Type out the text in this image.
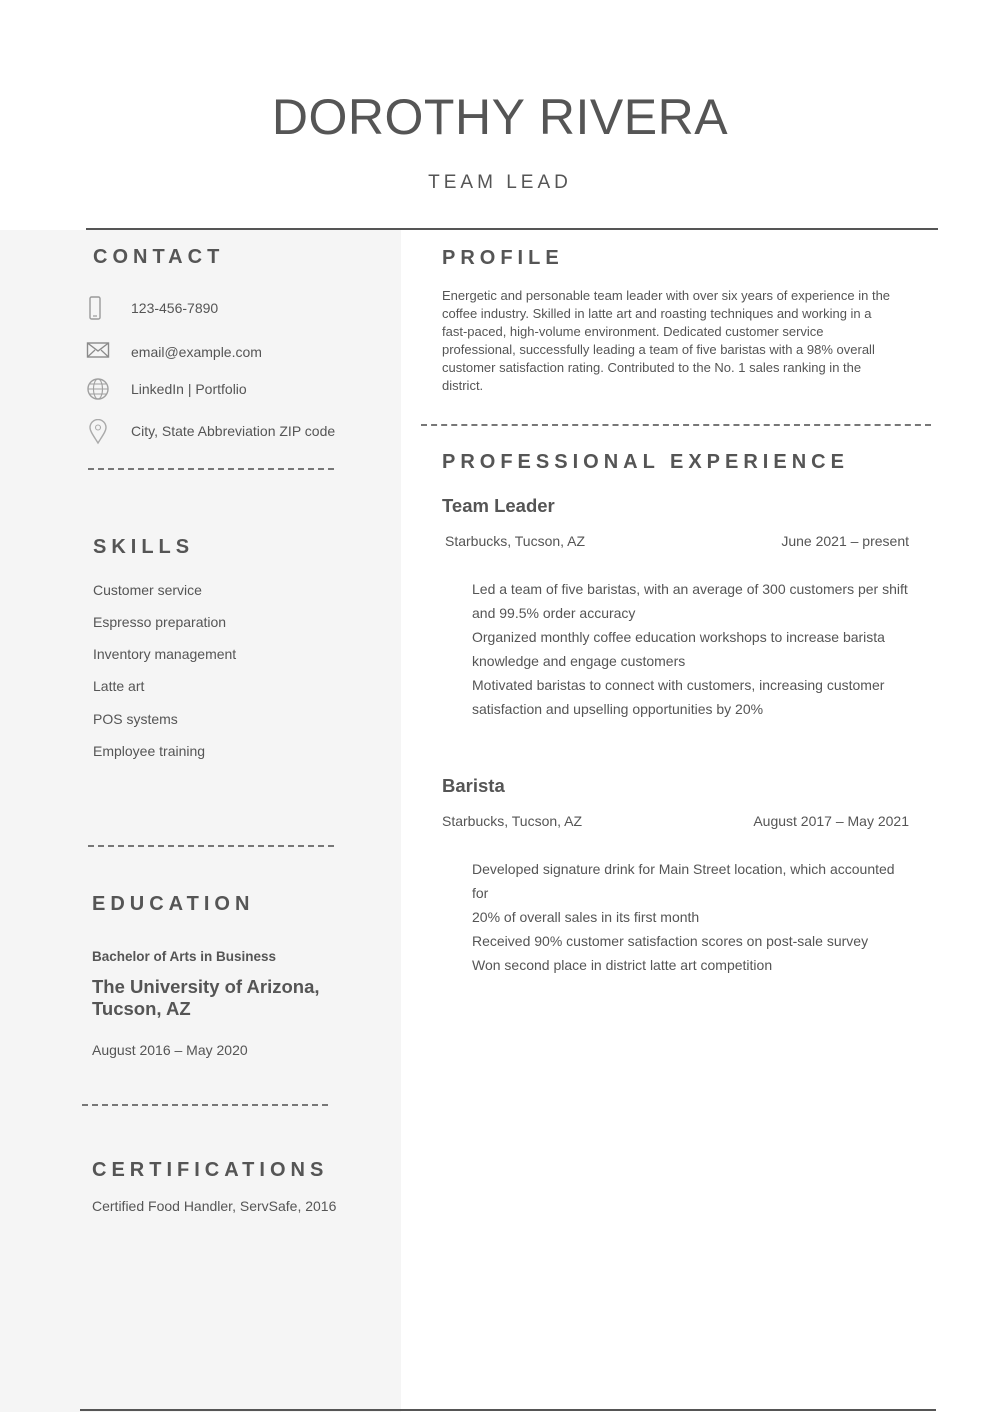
DOROTHY RIVERA
TEAM LEAD
CONTACT
123-456-7890
email@example.com
LinkedIn | Portfolio
City, State Abbreviation ZIP code
SKILLS
Customer service
Espresso preparation
Inventory management
Latte art
POS systems
Employee training
EDUCATION
Bachelor of Arts in Business
The University of Arizona,
Tucson, AZ
August 2016 – May 2020
CERTIFICATIONS
Certified Food Handler, ServSafe, 2016
PROFILE
Energetic and personable team leader with over six years of experience in the
coffee industry. Skilled in latte art and roasting techniques and working in a
fast-paced, high-volume environment. Dedicated customer service
professional, successfully leading a team of five baristas with a 98% overall
customer satisfaction rating. Contributed to the No. 1 sales ranking in the
district.
PROFESSIONAL EXPERIENCE
Team Leader
Starbucks, Tucson, AZ	June 2021 – present
Led a team of five baristas, with an average of 300 customers per shift
and 99.5% order accuracy
Organized monthly coffee education workshops to increase barista
knowledge and engage customers
Motivated baristas to connect with customers, increasing customer
satisfaction and upselling opportunities by 20%
Barista
Starbucks, Tucson, AZ	August 2017 – May 2021
Developed signature drink for Main Street location, which accounted for
20% of overall sales in its first month
Received 90% customer satisfaction scores on post-sale survey
Won second place in district latte art competition
